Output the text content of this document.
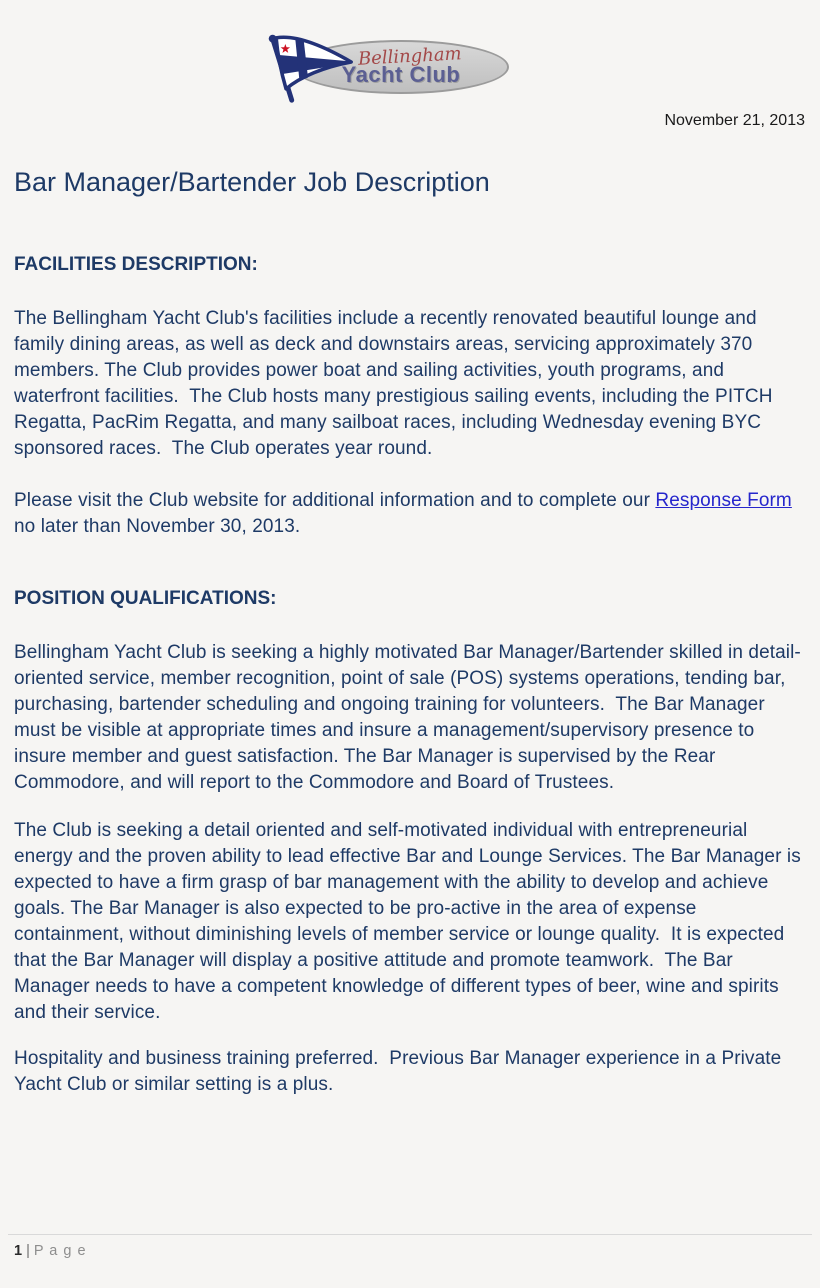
Bellingham
Yacht Club
November 21, 2013
Bar Manager/Bartender Job Description
FACILITIES DESCRIPTION:

The Bellingham Yacht Club's facilities include a recently renovated beautiful lounge and family dining areas, as well as deck and downstairs areas, servicing approximately 370 members. The Club provides power boat and sailing activities, youth programs, and waterfront facilities.  The Club hosts many prestigious sailing events, including the PITCH Regatta, PacRim Regatta, and many sailboat races, including Wednesday evening BYC sponsored races.  The Club operates year round.

Please visit the Club website for additional information and to complete our Response Form no later than November 30, 2013.

POSITION QUALIFICATIONS:

Bellingham Yacht Club is seeking a highly motivated Bar Manager/Bartender skilled in detail-oriented service, member recognition, point of sale (POS) systems operations, tending bar, purchasing, bartender scheduling and ongoing training for volunteers.  The Bar Manager must be visible at appropriate times and insure a management/supervisory presence to insure member and guest satisfaction. The Bar Manager is supervised by the Rear Commodore, and will report to the Commodore and Board of Trustees.

The Club is seeking a detail oriented and self-motivated individual with entrepreneurial energy and the proven ability to lead effective Bar and Lounge Services. The Bar Manager is expected to have a firm grasp of bar management with the ability to develop and achieve goals. The Bar Manager is also expected to be pro-active in the area of expense containment, without diminishing levels of member service or lounge quality.  It is expected that the Bar Manager will display a positive attitude and promote teamwork.  The Bar Manager needs to have a competent knowledge of different types of beer, wine and spirits and their service.

Hospitality and business training preferred.  Previous Bar Manager experience in a Private Yacht Club or similar setting is a plus.

1 | P a g e
